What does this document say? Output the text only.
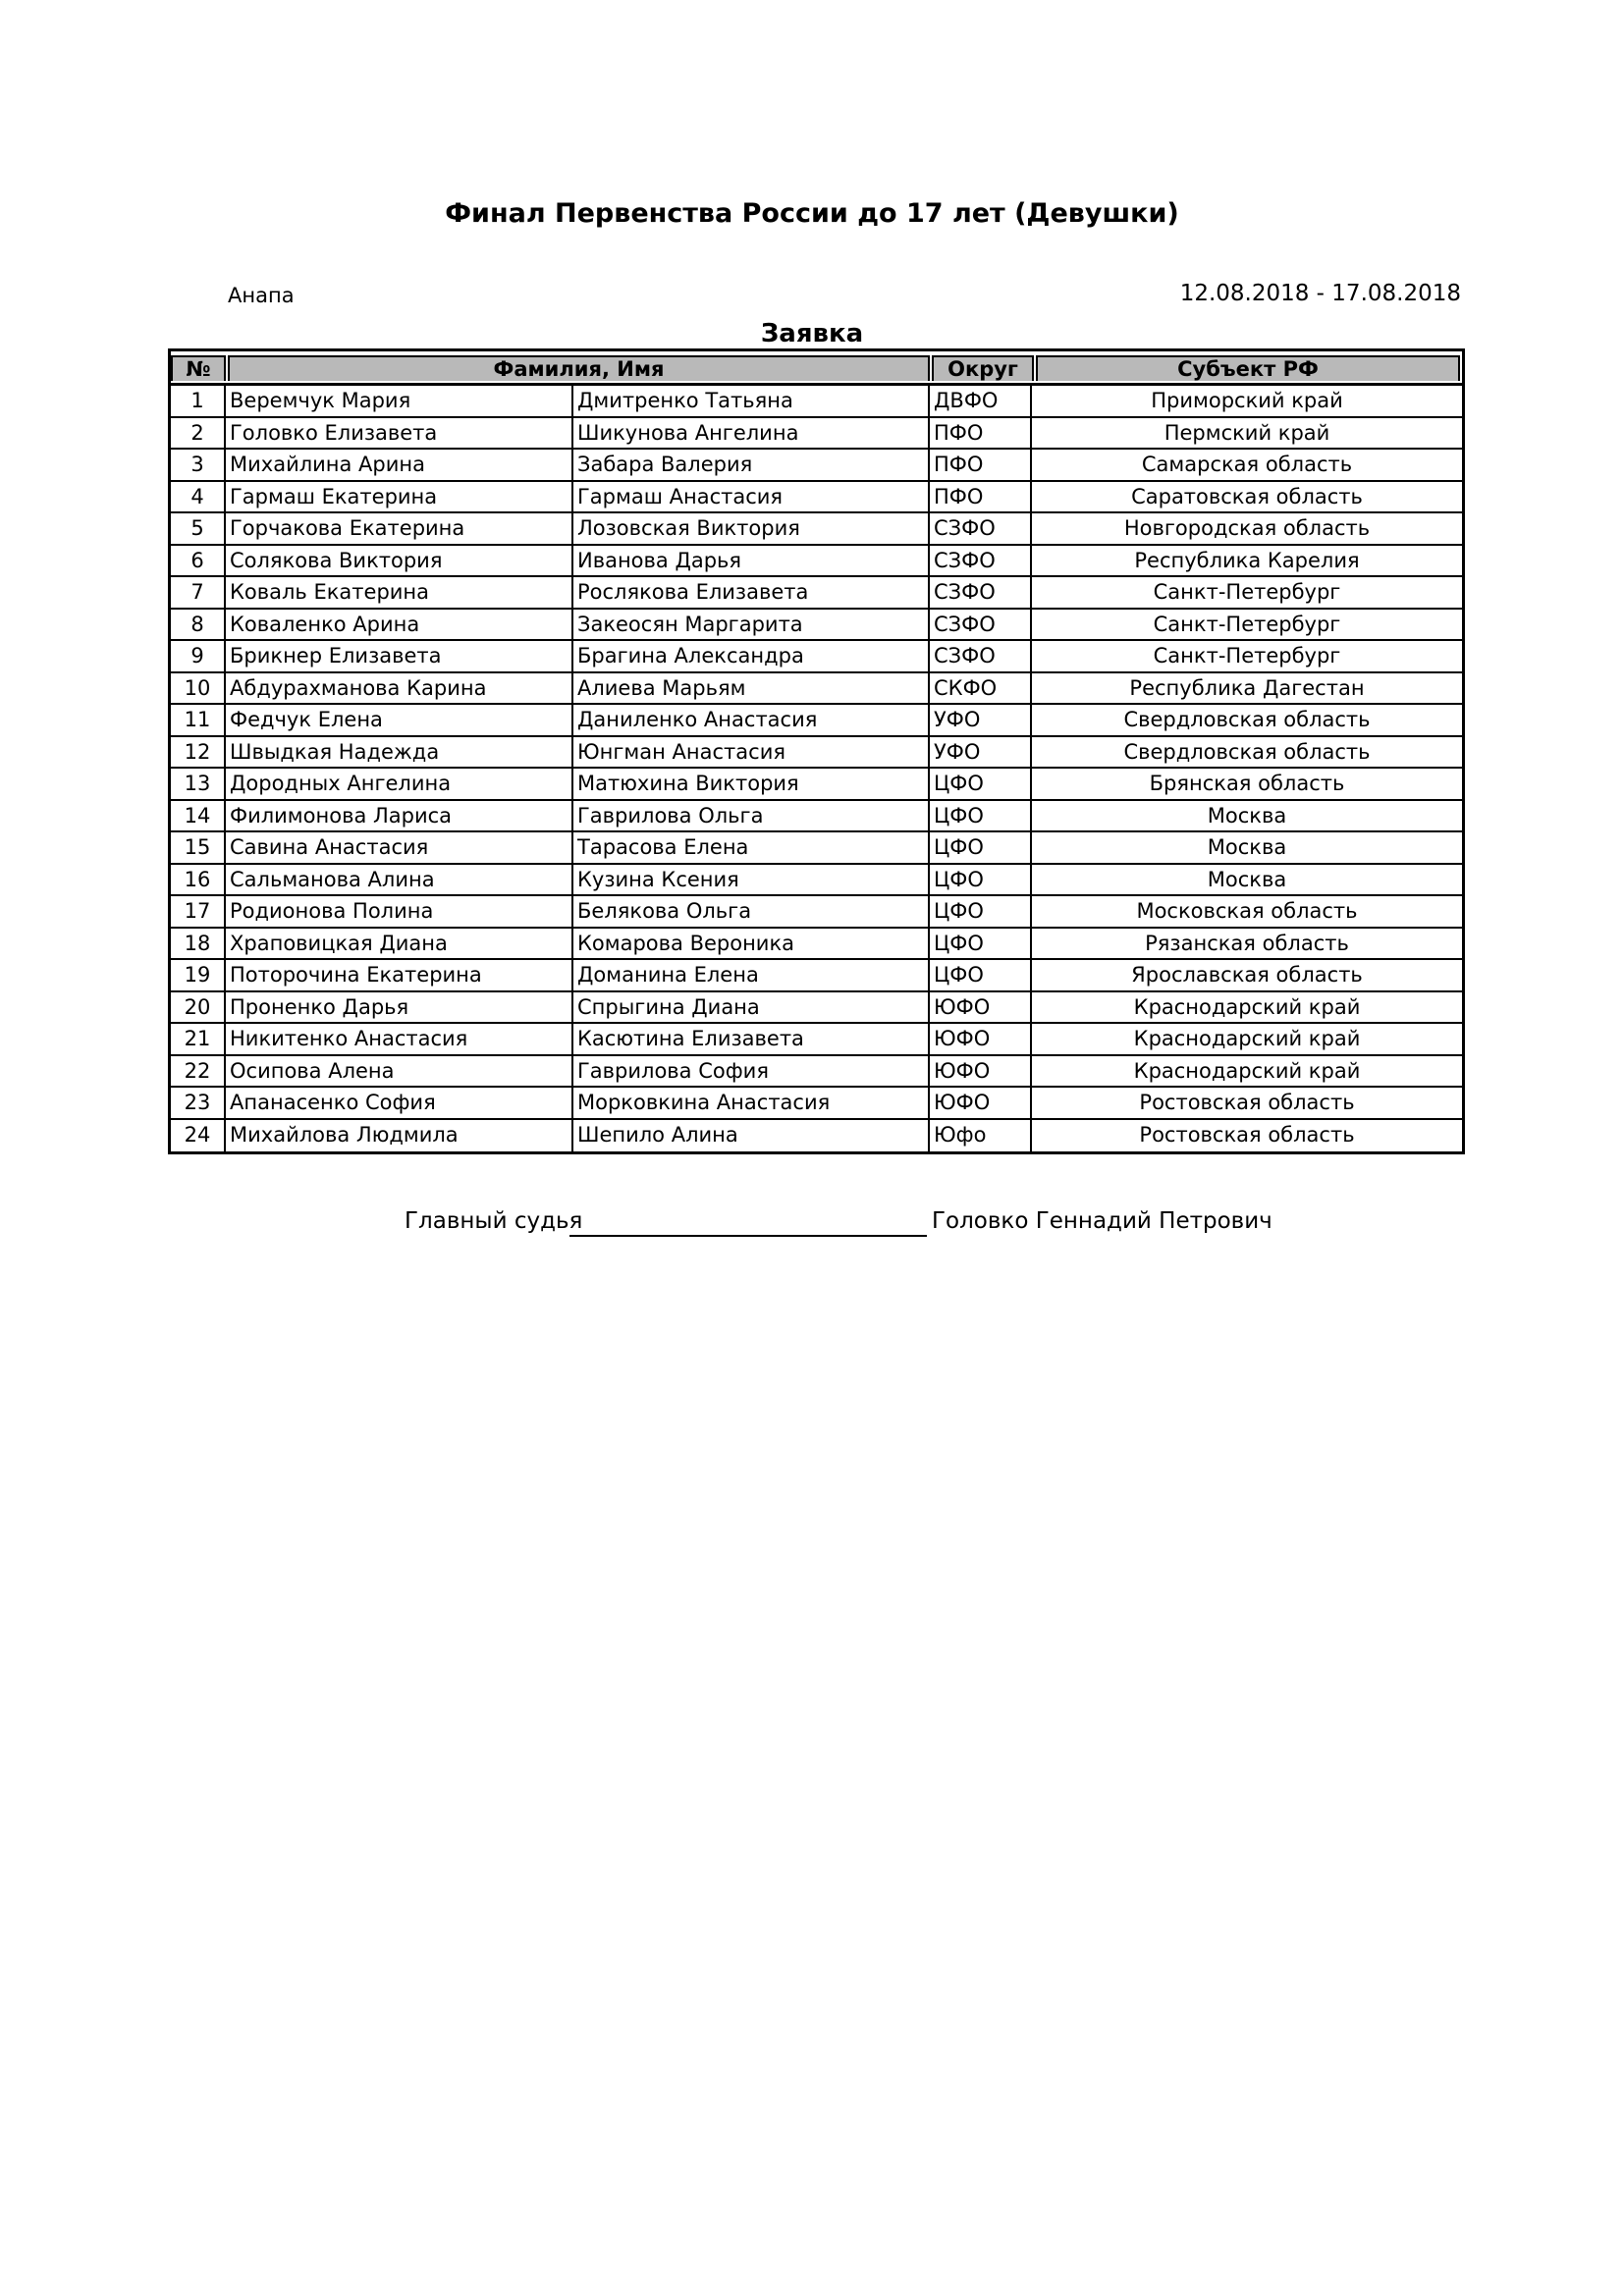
Финал Первенства России до 17 лет (Девушки)
Анапа	12.08.2018 - 17.08.2018
Заявка
№	Фамилия, Имя	Округ	Субъект РФ
1	Веремчук Мария	Дмитренко Татьяна	ДВФО	Приморский край
2	Головко Елизавета	Шикунова Ангелина	ПФО	Пермский край
3	Михайлина Арина	Забара Валерия	ПФО	Самарская область
4	Гармаш Екатерина	Гармаш Анастасия	ПФО	Саратовская область
5	Горчакова Екатерина	Лозовская Виктория	СЗФО	Новгородская область
6	Солякова Виктория	Иванова Дарья	СЗФО	Республика Карелия
7	Коваль Екатерина	Рослякова Елизавета	СЗФО	Санкт-Петербург
8	Коваленко Арина	Закеосян Маргарита	СЗФО	Санкт-Петербург
9	Брикнер Елизавета	Брагина Александра	СЗФО	Санкт-Петербург
10 Абдурахманова Карина	Алиева Марьям	СКФО	Республика Дагестан
11 Федчук Елена	Даниленко Анастасия	УФО	Свердловская область
12 Швыдкая Надежда	Юнгман Анастасия	УФО	Свердловская область
13 Дородных Ангелина	Матюхина Виктория	ЦФО	Брянская область
14 Филимонова Лариса	Гаврилова Ольга	ЦФО	Москва
15 Савина Анастасия	Тарасова Елена	ЦФО	Москва
16 Сальманова Алина	Кузина Ксения	ЦФО	Москва
17 Родионова Полина	Белякова Ольга	ЦФО	Московская область
18 Храповицкая Диана	Комарова Вероника	ЦФО	Рязанская область
19 Поторочина Екатерина	Доманина Елена	ЦФО	Ярославская область
20 Проненко Дарья	Спрыгина Диана	ЮФО	Краснодарский край
21 Никитенко Анастасия	Касютина Елизавета	ЮФО	Краснодарский край
22 Осипова Алена	Гаврилова София	ЮФО	Краснодарский край
23 Апанасенко София	Морковкина Анастасия	ЮФО	Ростовская область
24 Михайлова Людмила	Шепило Алина	Юфо	Ростовская область
Главный судья	Головко Геннадий Петрович
